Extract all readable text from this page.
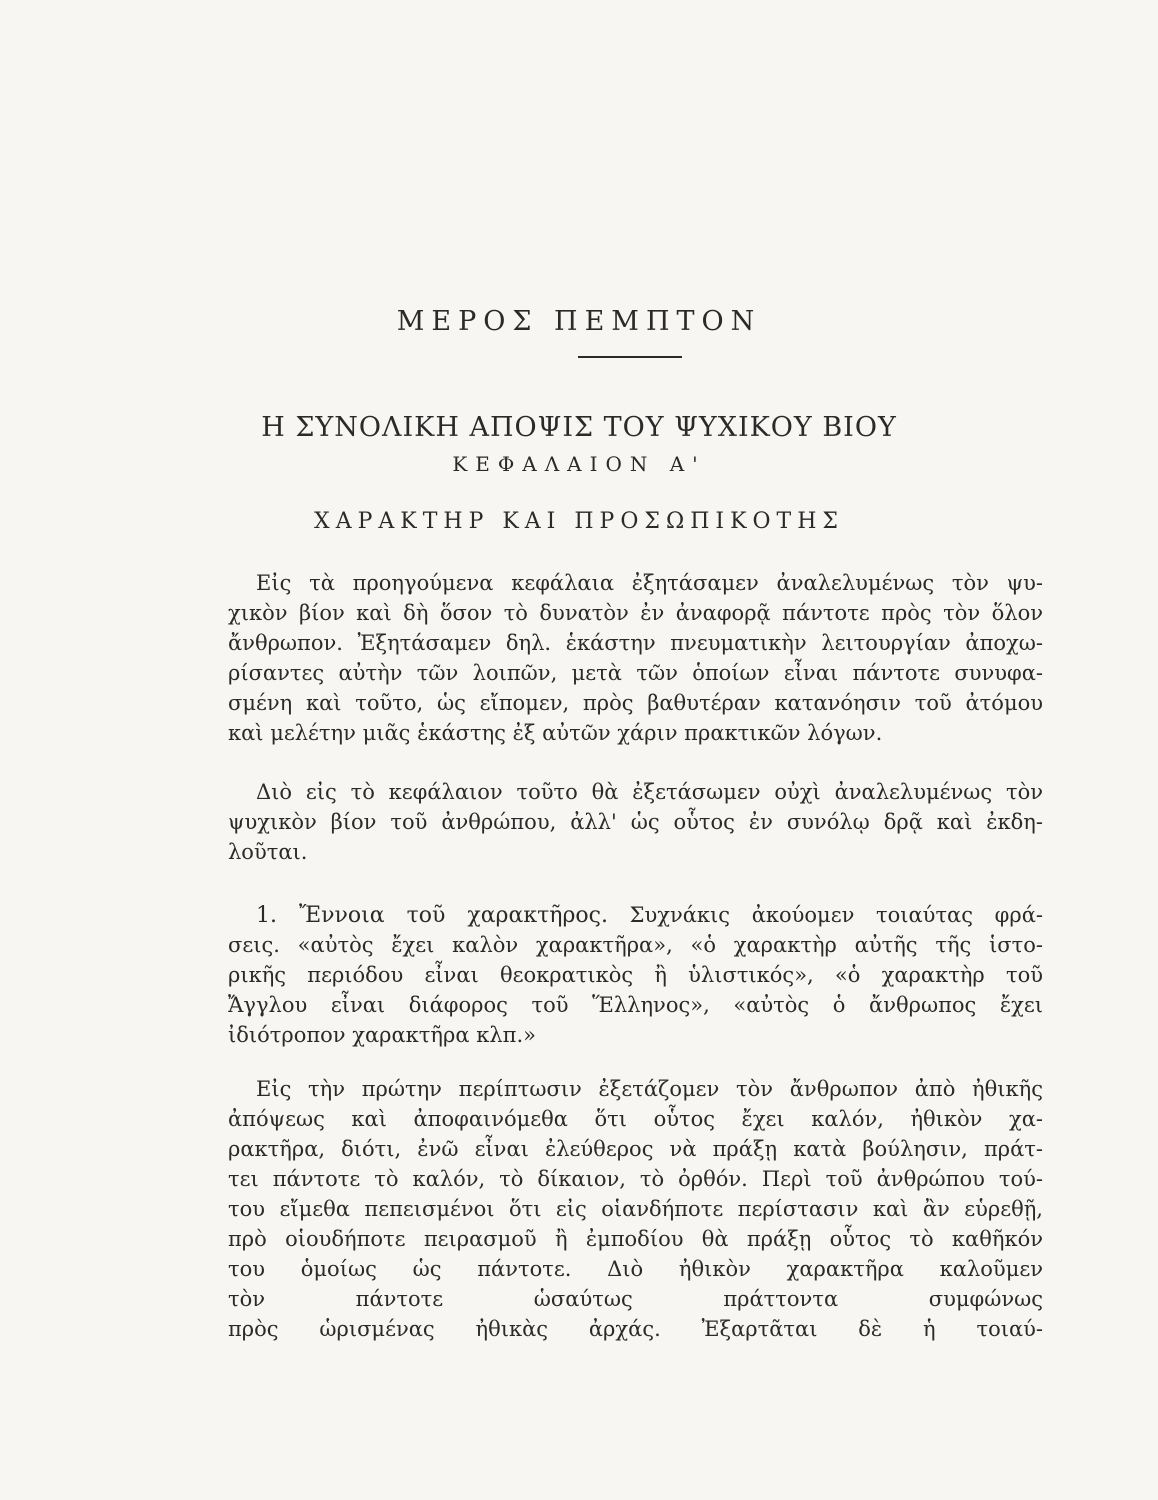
ΜΕΡΟΣ ΠΕΜΠΤΟΝ
Η ΣΥΝΟΛΙΚΗ ΑΠΟΨΙΣ ΤΟΥ ΨΥΧΙΚΟΥ ΒΙΟΥ
ΚΕΦΑΛΑΙΟΝ Α'
ΧΑΡΑΚΤΗΡ ΚΑΙ ΠΡΟΣΩΠΙΚΟΤΗΣ
Εἰς τὰ προηγούμενα κεφάλαια ἐξητάσαμεν ἀναλελυμένως τὸν ψυ-
χικὸν βίον καὶ δὴ ὅσον τὸ δυνατὸν ἐν ἀναφορᾷ πάντοτε πρὸς τὸν ὅλον
ἄνθρωπον. Ἐξητάσαμεν δηλ. ἑκάστην πνευματικὴν λειτουργίαν ἀποχω-
ρίσαντες αὐτὴν τῶν λοιπῶν, μετὰ τῶν ὁποίων εἶναι πάντοτε συνυφα-
σμένη καὶ τοῦτο, ὡς εἴπομεν, πρὸς βαθυτέραν κατανόησιν τοῦ ἀτόμου
καὶ μελέτην μιᾶς ἑκάστης ἐξ αὐτῶν χάριν πρακτικῶν λόγων.
Διὸ εἰς τὸ κεφάλαιον τοῦτο θὰ ἐξετάσωμεν οὐχὶ ἀναλελυμένως τὸν
ψυχικὸν βίον τοῦ ἀνθρώπου, ἀλλ' ὡς οὗτος ἐν συνόλῳ δρᾷ καὶ ἐκδη-
λοῦται.
1. Ἔννοια τοῦ χαρακτῆρος. Συχνάκις ἀκούομεν τοιαύτας φρά-
σεις. «αὐτὸς ἔχει καλὸν χαρακτῆρα», «ὁ χαρακτὴρ αὐτῆς τῆς ἱστο-
ρικῆς περιόδου εἶναι θεοκρατικὸς ἢ ὑλιστικός», «ὁ χαρακτὴρ τοῦ
Ἄγγλου εἶναι διάφορος τοῦ Ἕλληνος», «αὐτὸς ὁ ἄνθρωπος ἔχει
ἰδιότροπον χαρακτῆρα κλπ.»
Εἰς τὴν πρώτην περίπτωσιν ἐξετάζομεν τὸν ἄνθρωπον ἀπὸ ἠθικῆς
ἀπόψεως καὶ ἀποφαινόμεθα ὅτι οὗτος ἔχει καλόν, ἠθικὸν χα-
ρακτῆρα, διότι, ἐνῶ εἶναι ἐλεύθερος νὰ πράξῃ κατὰ βούλησιν, πράτ-
τει πάντοτε τὸ καλόν, τὸ δίκαιον, τὸ ὀρθόν. Περὶ τοῦ ἀνθρώπου τού-
του εἴμεθα πεπεισμένοι ὅτι εἰς οἱανδήποτε περίστασιν καὶ ἂν εὑρεθῇ,
πρὸ οἱουδήποτε πειρασμοῦ ἢ ἐμποδίου θὰ πράξῃ οὗτος τὸ καθῆκόν
του ὁμοίως ὡς πάντοτε. Διὸ ἠθικὸν χαρακτῆρα καλοῦμεν
τὸν πάντοτε ὡσαύτως πράττοντα συμφώνως
πρὸς ὡρισμένας ἠθικὰς ἀρχάς. Ἐξαρτᾶται δὲ ἡ τοιαύ-
